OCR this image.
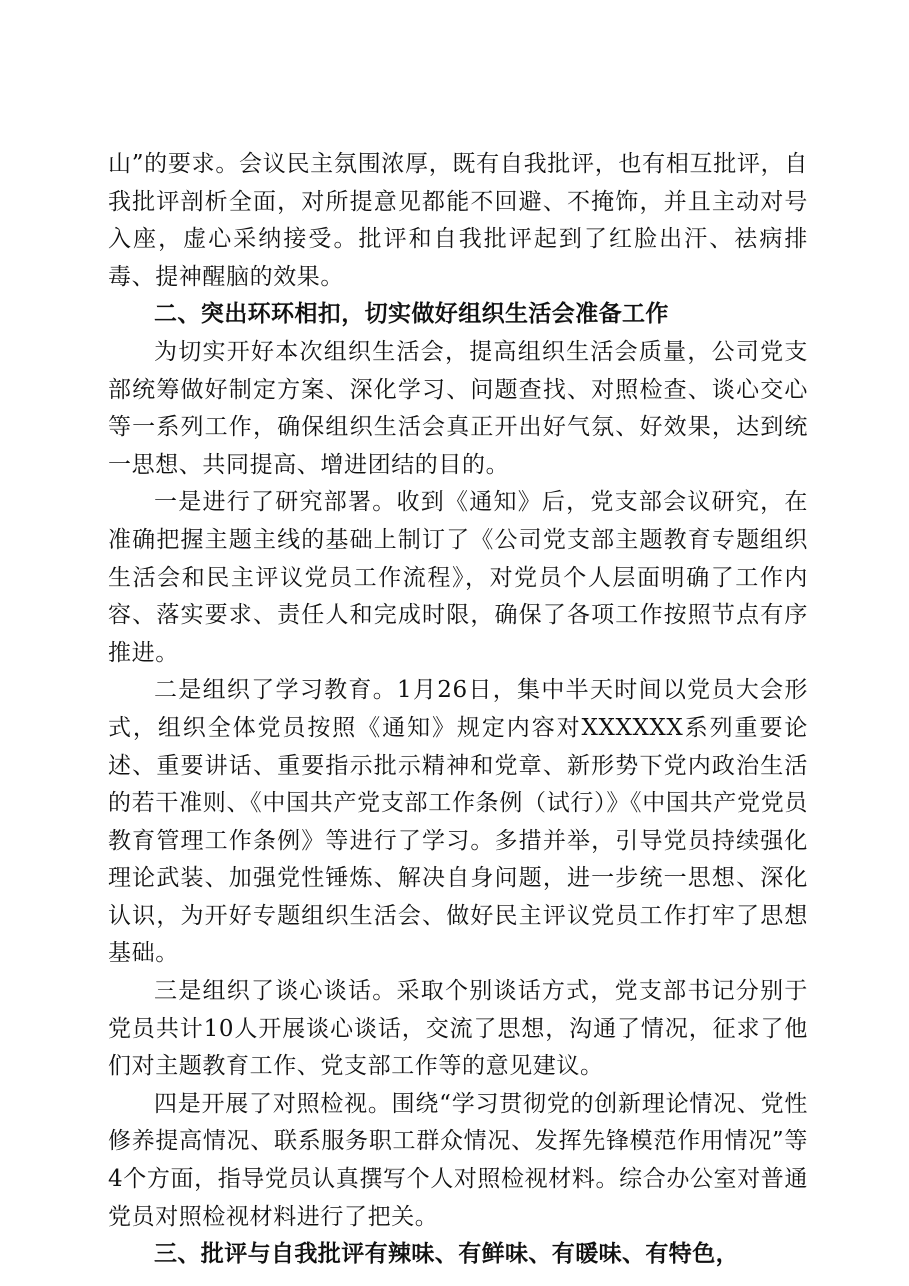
山”的要求。会议民主氛围浓厚，既有自我批评，也有相互批评，自我批评剖析全面，对所提意见都能不回避、不掩饰，并且主动对号入座，虚心采纳接受。批评和自我批评起到了红脸出汗、祛病排毒、提神醒脑的效果。

二、突出环环相扣，切实做好组织生活会准备工作

为切实开好本次组织生活会，提高组织生活会质量，公司党支部统筹做好制定方案、深化学习、问题查找、对照检查、谈心交心等一系列工作，确保组织生活会真正开出好气氛、好效果，达到统一思想、共同提高、增进团结的目的。

一是进行了研究部署。收到《通知》后，党支部会议研究，在准确把握主题主线的基础上制订了《公司党支部主题教育专题组织生活会和民主评议党员工作流程》，对党员个人层面明确了工作内容、落实要求、责任人和完成时限，确保了各项工作按照节点有序推进。

二是组织了学习教育。1月26日，集中半天时间以党员大会形式，组织全体党员按照《通知》规定内容对XXXXXX系列重要论述、重要讲话、重要指示批示精神和党章、新形势下党内政治生活的若干准则、《中国共产党支部工作条例（试行）》《中国共产党党员教育管理工作条例》等进行了学习。多措并举，引导党员持续强化理论武装、加强党性锤炼、解决自身问题，进一步统一思想、深化认识，为开好专题组织生活会、做好民主评议党员工作打牢了思想基础。

三是组织了谈心谈话。采取个别谈话方式，党支部书记分别于党员共计10人开展谈心谈话，交流了思想，沟通了情况，征求了他们对主题教育工作、党支部工作等的意见建议。

四是开展了对照检视。围绕“学习贯彻党的创新理论情况、党性修养提高情况、联系服务职工群众情况、发挥先锋模范作用情况”等4个方面，指导党员认真撰写个人对照检视材料。综合办公室对普通党员对照检视材料进行了把关。

三、批评与自我批评有辣味、有鲜味、有暖味、有特色，
